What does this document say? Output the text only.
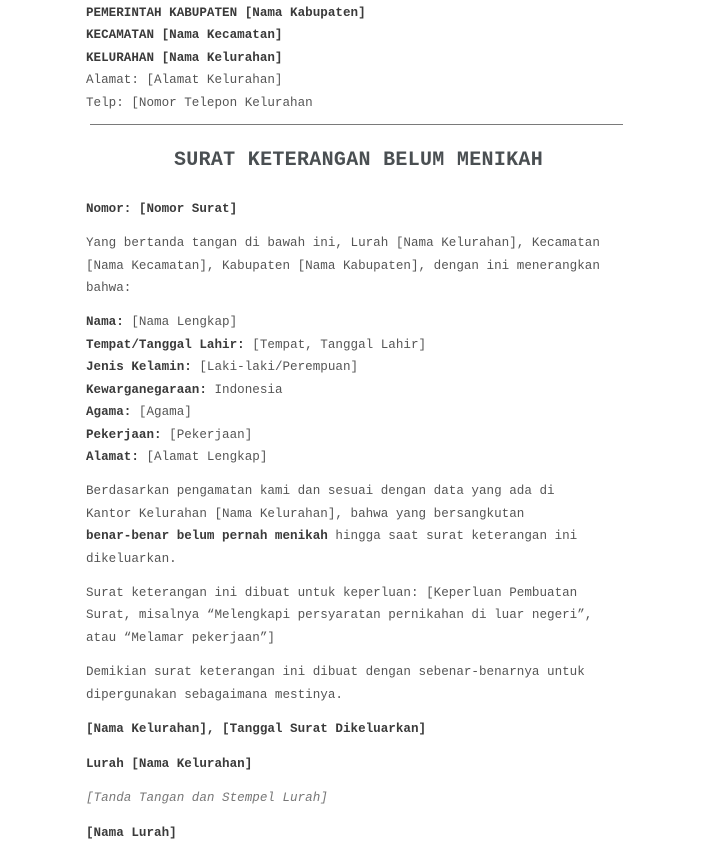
PEMERINTAH KABUPATEN [Nama Kabupaten]
KECAMATAN [Nama Kecamatan]
KELURAHAN [Nama Kelurahan]
Alamat: [Alamat Kelurahan]
Telp: [Nomor Telepon Kelurahan
SURAT KETERANGAN BELUM MENIKAH
Nomor: [Nomor Surat]
Yang bertanda tangan di bawah ini, Lurah [Nama Kelurahan], Kecamatan
[Nama Kecamatan], Kabupaten [Nama Kabupaten], dengan ini menerangkan
bahwa:
Nama: [Nama Lengkap]
Tempat/Tanggal Lahir: [Tempat, Tanggal Lahir]
Jenis Kelamin: [Laki-laki/Perempuan]
Kewarganegaraan: Indonesia
Agama: [Agama]
Pekerjaan: [Pekerjaan]
Alamat: [Alamat Lengkap]
Berdasarkan pengamatan kami dan sesuai dengan data yang ada di
Kantor Kelurahan [Nama Kelurahan], bahwa yang bersangkutan
benar-benar belum pernah menikah hingga saat surat keterangan ini
dikeluarkan.
Surat keterangan ini dibuat untuk keperluan: [Keperluan Pembuatan
Surat, misalnya “Melengkapi persyaratan pernikahan di luar negeri”,
atau “Melamar pekerjaan”]
Demikian surat keterangan ini dibuat dengan sebenar-benarnya untuk
dipergunakan sebagaimana mestinya.
[Nama Kelurahan], [Tanggal Surat Dikeluarkan]
Lurah [Nama Kelurahan]
[Tanda Tangan dan Stempel Lurah]
[Nama Lurah]
